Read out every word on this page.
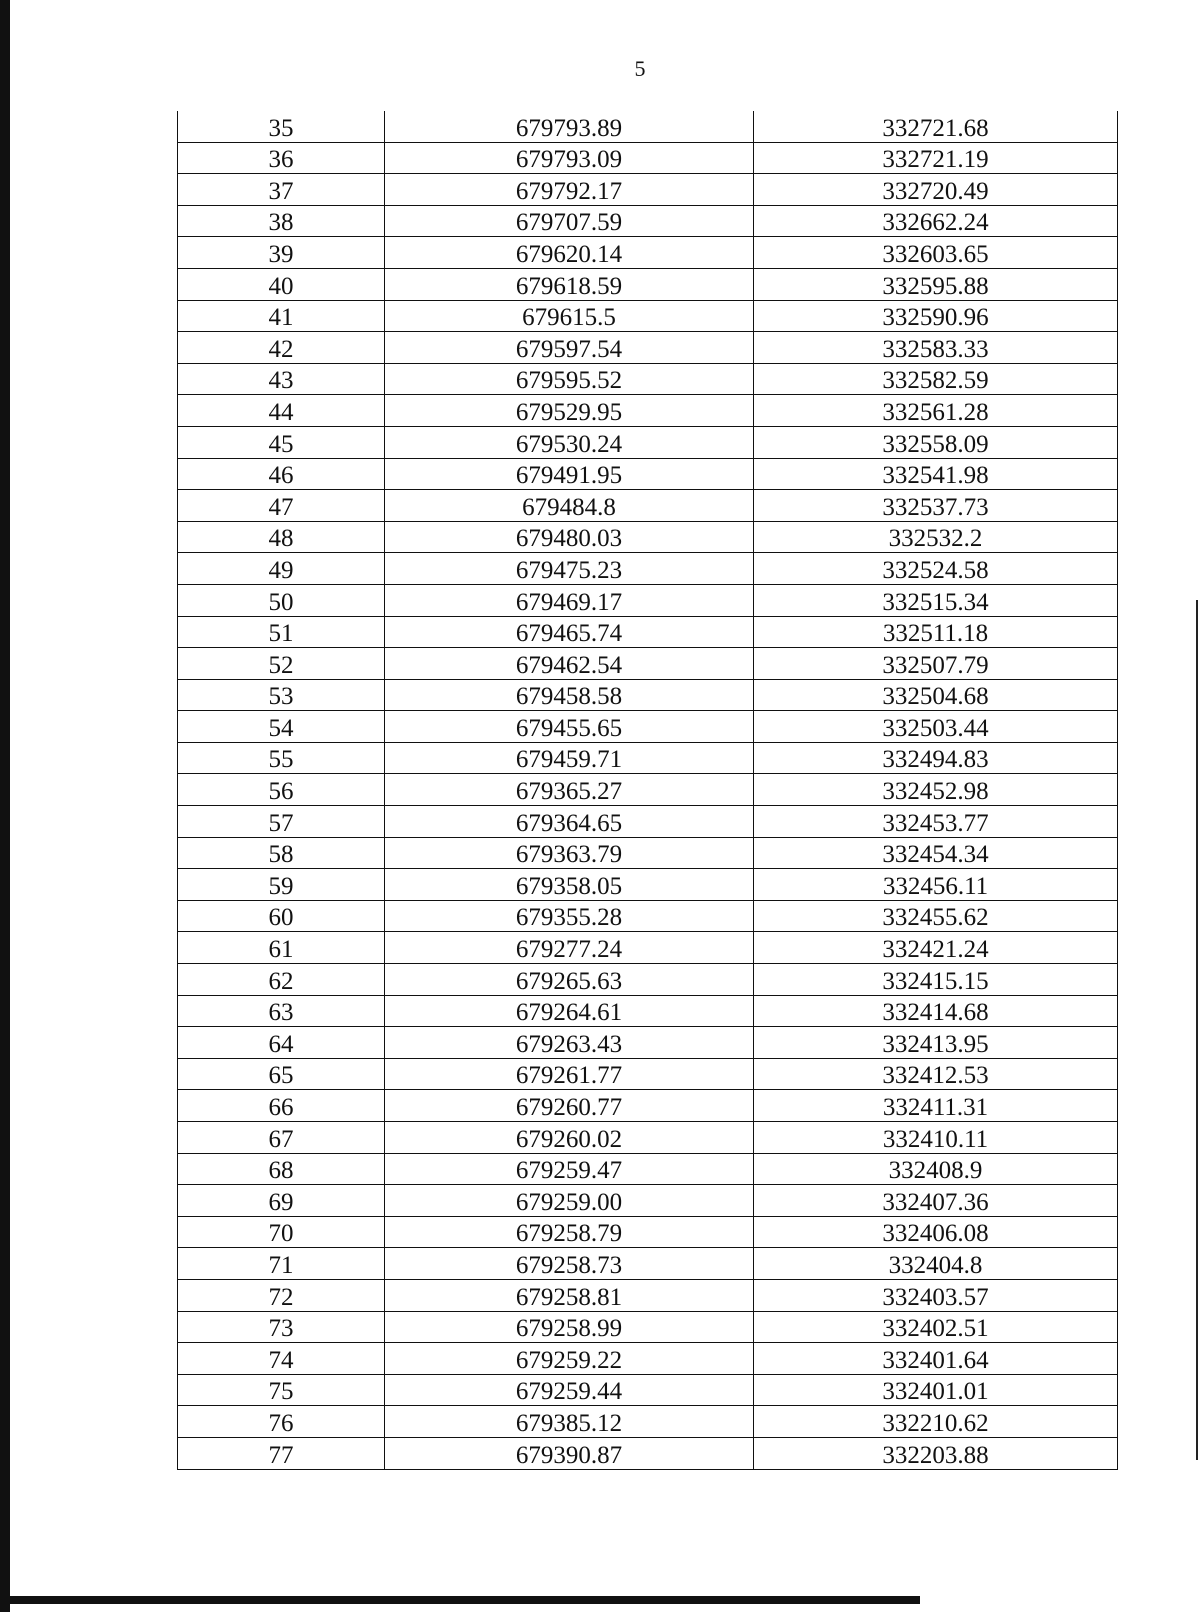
5
35	679793.89	332721.68
36	679793.09	332721.19
37	679792.17	332720.49
38	679707.59	332662.24
39	679620.14	332603.65
40	679618.59	332595.88
41	679615.5	332590.96
42	679597.54	332583.33
43	679595.52	332582.59
44	679529.95	332561.28
45	679530.24	332558.09
46	679491.95	332541.98
47	679484.8	332537.73
48	679480.03	332532.2
49	679475.23	332524.58
50	679469.17	332515.34
51	679465.74	332511.18
52	679462.54	332507.79
53	679458.58	332504.68
54	679455.65	332503.44
55	679459.71	332494.83
56	679365.27	332452.98
57	679364.65	332453.77
58	679363.79	332454.34
59	679358.05	332456.11
60	679355.28	332455.62
61	679277.24	332421.24
62	679265.63	332415.15
63	679264.61	332414.68
64	679263.43	332413.95
65	679261.77	332412.53
66	679260.77	332411.31
67	679260.02	332410.11
68	679259.47	332408.9
69	679259.00	332407.36
70	679258.79	332406.08
71	679258.73	332404.8
72	679258.81	332403.57
73	679258.99	332402.51
74	679259.22	332401.64
75	679259.44	332401.01
76	679385.12	332210.62
77	679390.87	332203.88
